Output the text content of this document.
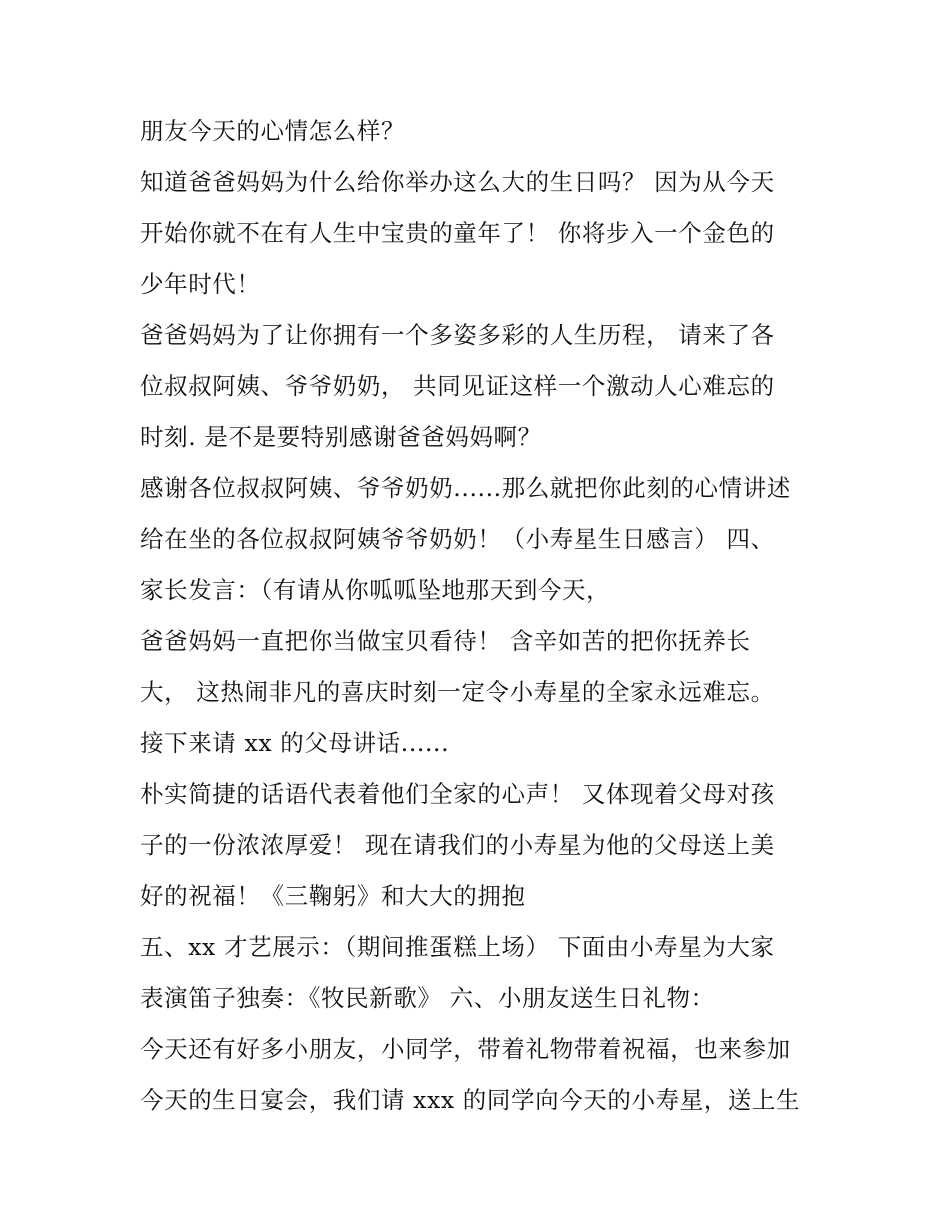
朋友今天的心情怎么样？
知道爸爸妈妈为什么给你举办这么大的生日吗？ 因为从今天
开始你就不在有人生中宝贵的童年了！ 你将步入一个金色的
少年时代！
爸爸妈妈为了让你拥有一个多姿多彩的人生历程， 请来了各
位叔叔阿姨、爷爷奶奶， 共同见证这样一个激动人心难忘的
时刻. 是不是要特别感谢爸爸妈妈啊？
感谢各位叔叔阿姨、爷爷奶奶......那么就把你此刻的心情讲述
给在坐的各位叔叔阿姨爷爷奶奶！（小寿星生日感言） 四、
家长发言：（有请从你呱呱坠地那天到今天，
爸爸妈妈一直把你当做宝贝看待！ 含辛如苦的把你抚养长
大， 这热闹非凡的喜庆时刻一定令小寿星的全家永远难忘。
接下来请 xx 的父母讲话......
朴实简捷的话语代表着他们全家的心声！ 又体现着父母对孩
子的一份浓浓厚爱！ 现在请我们的小寿星为他的父母送上美
好的祝福！《三鞠躬》和大大的拥抱
五、xx 才艺展示：（期间推蛋糕上场） 下面由小寿星为大家
表演笛子独奏：《牧民新歌》 六、小朋友送生日礼物：
今天还有好多小朋友，小同学，带着礼物带着祝福，也来参加
今天的生日宴会，我们请 xxx 的同学向今天的小寿星，送上生
